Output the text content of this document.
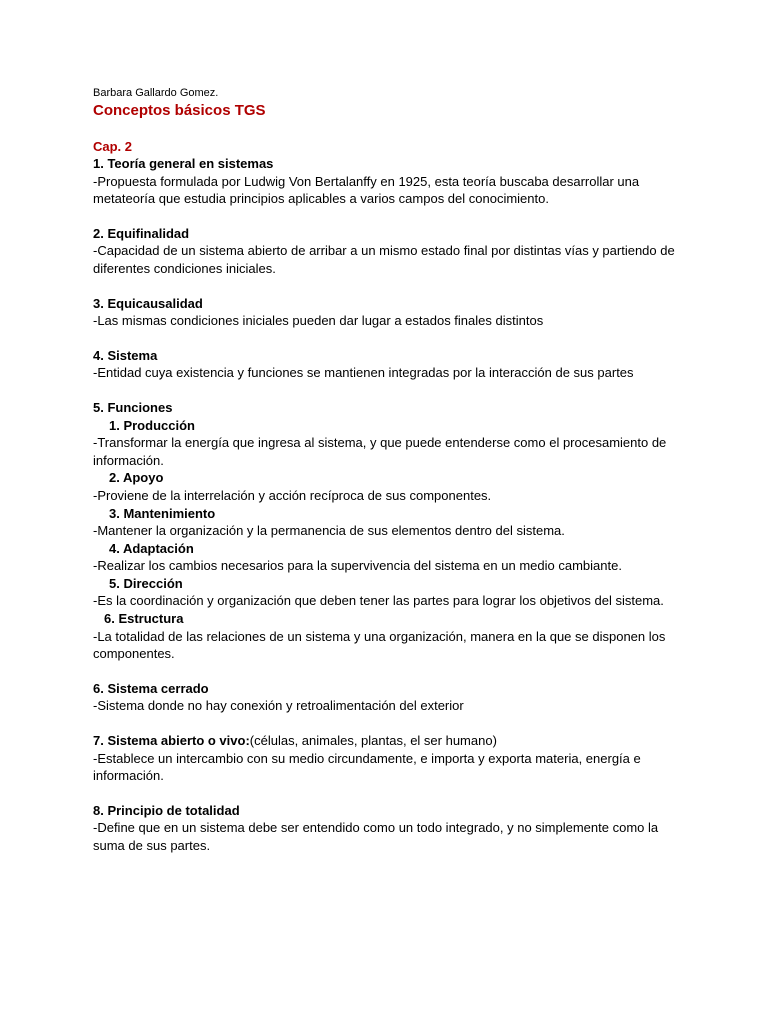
Barbara Gallardo Gomez.

Conceptos básicos TGS

Cap. 2

1. Teoría general en sistemas

-Propuesta formulada por Ludwig Von Bertalanffy en 1925, esta teoría buscaba desarrollar una metateoría que estudia principios aplicables a varios campos del conocimiento.

2. Equifinalidad

-Capacidad de un sistema abierto de arribar a un mismo estado final por distintas vías y partiendo de diferentes condiciones iniciales.

3. Equicausalidad

-Las mismas condiciones iniciales pueden dar lugar a estados finales distintos

4. Sistema

-Entidad cuya existencia y funciones se mantienen integradas por la interacción de sus partes

5. Funciones

1. Producción

-Transformar la energía que ingresa al sistema, y que puede entenderse como el procesamiento de información.

2. Apoyo

-Proviene de la interrelación y acción recíproca de sus componentes.

3. Mantenimiento

-Mantener la organización y la permanencia de sus elementos dentro del sistema.

4. Adaptación

-Realizar los cambios necesarios para la supervivencia del sistema en un medio cambiante.

5. Dirección

-Es la coordinación y organización que deben tener las partes para lograr los objetivos del sistema.

6. Estructura

-La totalidad de las relaciones de un sistema y una organización, manera en la que se disponen los componentes.

6. Sistema cerrado

-Sistema donde no hay conexión y retroalimentación del exterior

7. Sistema abierto o vivo:(células, animales, plantas, el ser humano)

-Establece un intercambio con su medio circundamente, e importa y exporta materia, energía e información.

8. Principio de totalidad

-Define que en un sistema debe ser entendido como un todo integrado, y no simplemente como la suma de sus partes.
